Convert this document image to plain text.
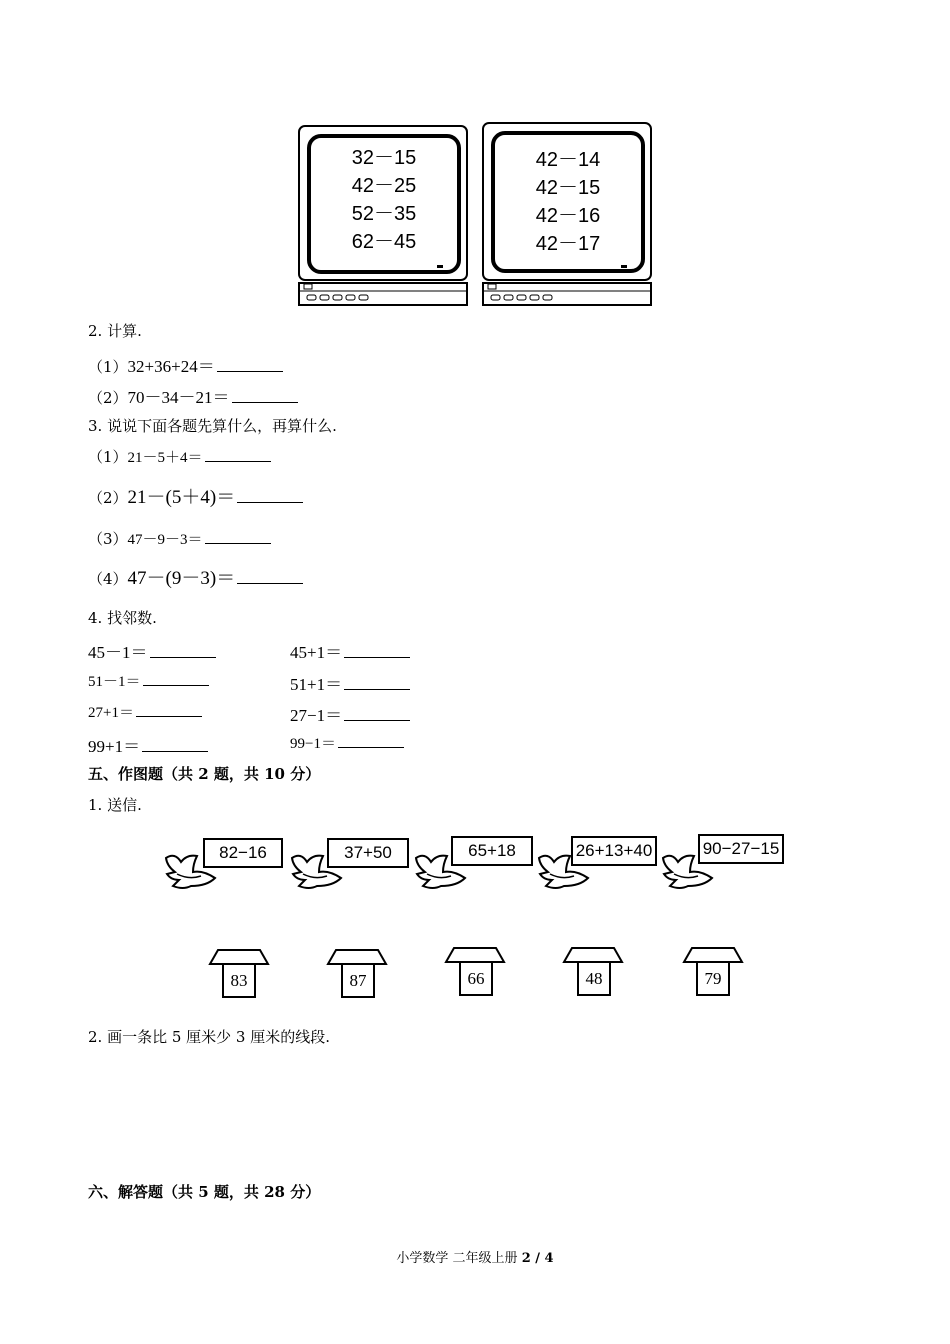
32－15
42－25
52－35
62－45
42－14
42－15
42－16
42－17
2. 计算.
（1）32+36+24＝
（2）70－34－21＝
3. 说说下面各题先算什么，再算什么.
（1）21－5＋4＝
（2）21－(5＋4)＝
（3）47－9－3＝
（4）47－(9－3)＝
4. 找邻数.
45－1＝
51－1＝
27+1＝
99+1＝
45+1＝
51+1＝
27−1＝
99−1＝
五、作图题（共 2 题，共 10 分）
1. 送信.
82−16	37+50	65+18	26+13+40	90−27−15
83	87	66	48	79
2. 画一条比 5 厘米少 3 厘米的线段.
六、解答题（共 5 题，共 28 分）
小学数学 二年级上册 2 / 4
